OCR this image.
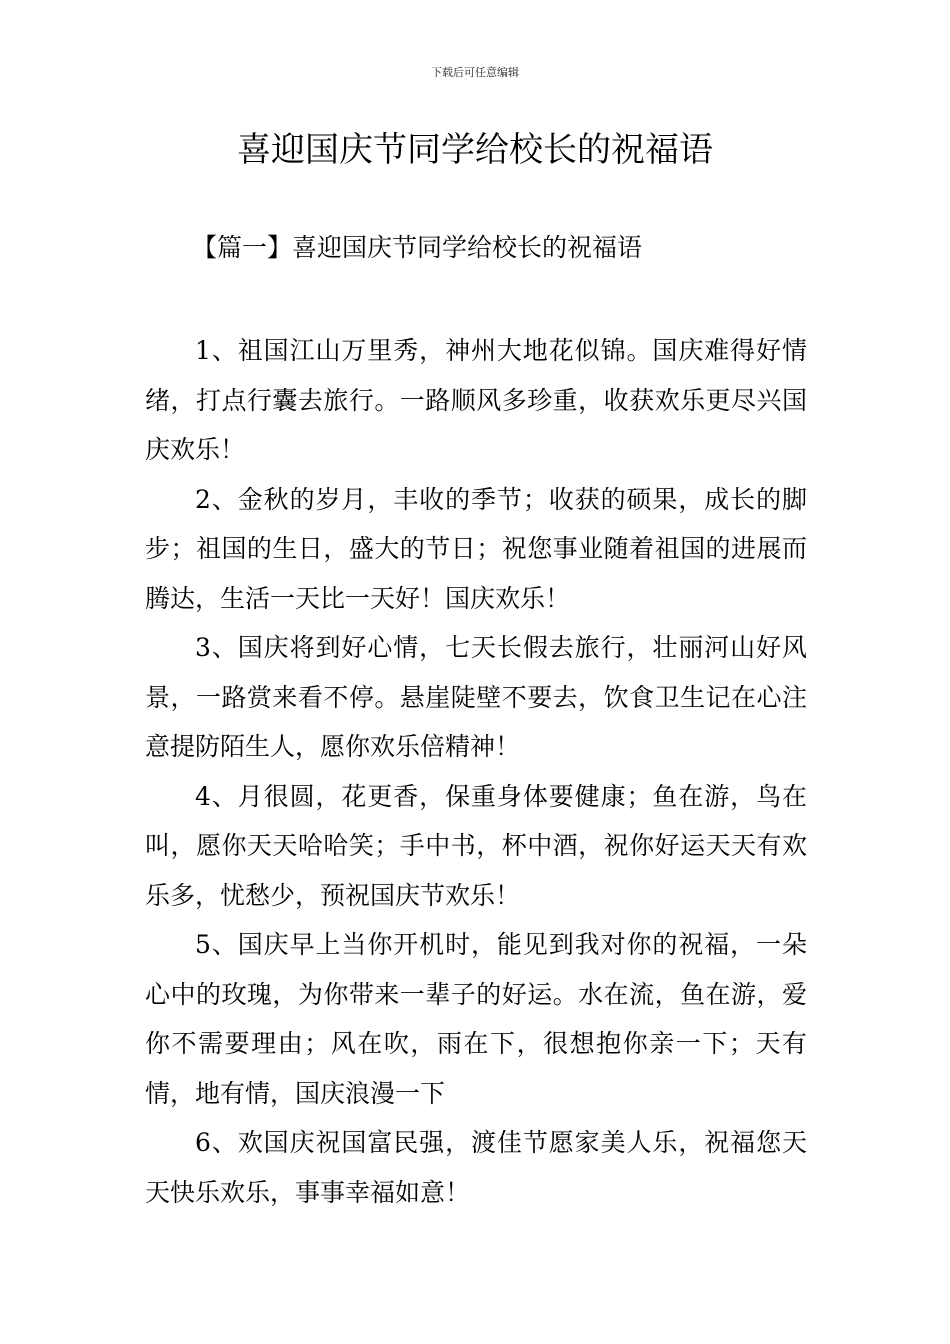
下载后可任意编辑
喜迎国庆节同学给校长的祝福语
【篇一】喜迎国庆节同学给校长的祝福语

1、祖国江山万里秀，神州大地花似锦。国庆难得好情绪，打点行囊去旅行。一路顺风多珍重，收获欢乐更尽兴国庆欢乐！

2、金秋的岁月，丰收的季节；收获的硕果，成长的脚步；祖国的生日，盛大的节日；祝您事业随着祖国的进展而腾达，生活一天比一天好！国庆欢乐！

3、国庆将到好心情，七天长假去旅行，壮丽河山好风景，一路赏来看不停。悬崖陡壁不要去，饮食卫生记在心注意提防陌生人，愿你欢乐倍精神！

4、月很圆，花更香，保重身体要健康；鱼在游，鸟在叫，愿你天天哈哈笑；手中书，杯中酒，祝你好运天天有欢乐多，忧愁少，预祝国庆节欢乐！

5、国庆早上当你开机时，能见到我对你的祝福，一朵心中的玫瑰，为你带来一辈子的好运。水在流，鱼在游，爱你不需要理由；风在吹，雨在下，很想抱你亲一下；天有情，地有情，国庆浪漫一下

6、欢国庆祝国富民强，渡佳节愿家美人乐，祝福您天天快乐欢乐，事事幸福如意！
